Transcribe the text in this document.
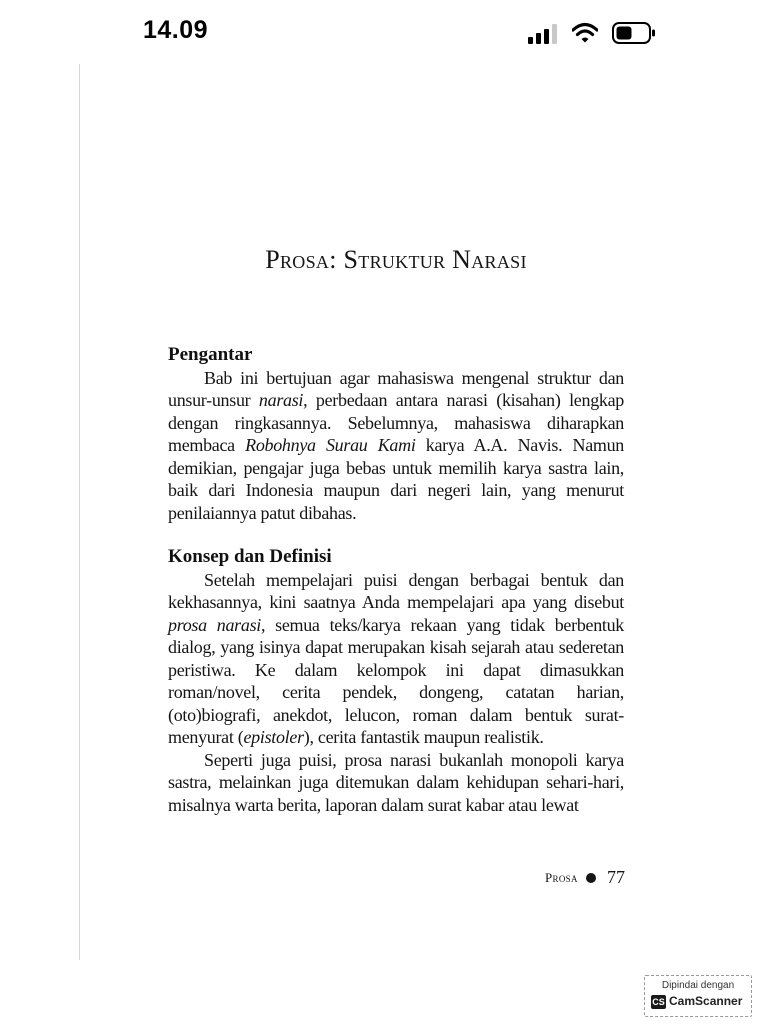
14.09
Prosa: Struktur Narasi

Pengantar

Bab ini bertujuan agar mahasiswa mengenal struktur dan unsur-unsur narasi, perbedaan antara narasi (kisahan) lengkap dengan ringkasannya. Sebelumnya, mahasiswa diharapkan membaca Robohnya Surau Kami karya A.A. Navis. Namun demikian, pengajar juga bebas untuk memilih karya sastra lain, baik dari Indonesia maupun dari negeri lain, yang menurut penilaiannya patut dibahas.

Konsep dan Definisi

Setelah mempelajari puisi dengan berbagai bentuk dan kekhasannya, kini saatnya Anda mempelajari apa yang disebut prosa narasi, semua teks/karya rekaan yang tidak berbentuk dialog, yang isinya dapat merupakan kisah sejarah atau sederetan peristiwa. Ke dalam kelompok ini dapat dimasukkan roman/novel, cerita pendek, dongeng, catatan harian, (oto)biografi, anekdot, lelucon, roman dalam bentuk surat-menyurat (epistoler), cerita fantastik maupun realistik.

Seperti juga puisi, prosa narasi bukanlah monopoli karya sastra, melainkan juga ditemukan dalam kehidupan sehari-hari, misalnya warta berita, laporan dalam surat kabar atau lewat

Prosa 77
Dipindai dengan
CS CamScanner
